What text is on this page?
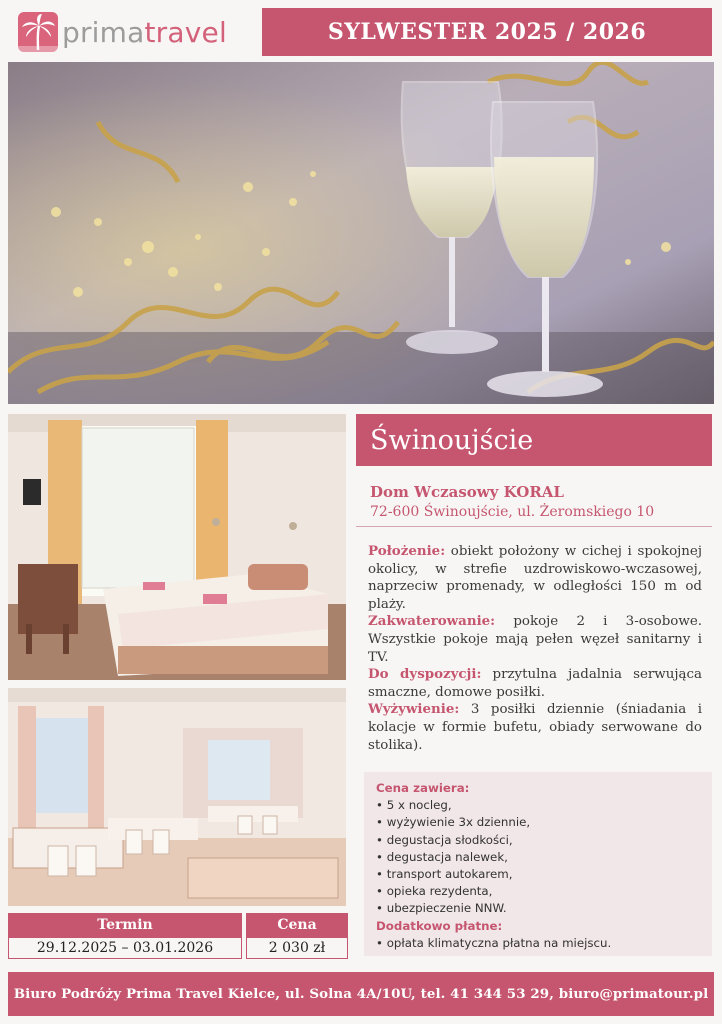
primatravel	SYLWESTER 2025 / 2026
Świnoujście
Dom Wczasowy KORAL
72-600 Świnoujście, ul. Żeromskiego 10

Położenie: obiekt położony w cichej i spokojnej okolicy, w strefie uzdrowiskowo-wczasowej, naprzeciw promenady, w odległości 150 m od plaży.

Zakwaterowanie: pokoje 2 i 3-osobowe. Wszystkie pokoje mają pełen węzeł sanitarny i TV.

Do dyspozycji: przytulna jadalnia serwująca smaczne, domowe posiłki.

Wyżywienie: 3 posiłki dziennie (śniadania i kolacje w formie bufetu, obiady serwowane do stolika).

Cena zawiera:
• 5 x nocleg,
• wyżywienie 3x dziennie,
• degustacja słodkości,
• degustacja nalewek,
• transport autokarem,
• opieka rezydenta,
• ubezpieczenie NNW.
Dodatkowo płatne:
• opłata klimatyczna płatna na miejscu.
Termin	Cena
29.12.2025 – 03.01.2026	2 030 zł
Biuro Podróży Prima Travel Kielce, ul. Solna 4A/10U, tel. 41 344 53 29, biuro@primatour.pl
